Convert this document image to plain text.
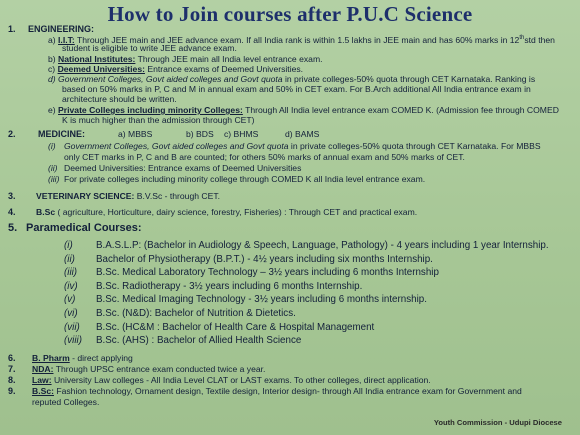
How to Join courses after P.U.C Science
1. ENGINEERING:
a) I.I.T: Through JEE main and JEE advance exam. If all India rank is within 1.5 lakhs in JEE main and has 60% marks in 12thstd then
student is eligible to write JEE advance exam.
b) National Institutes: Through JEE main all India level entrance exam.
c) Deemed Universities: Entrance exams of Deemed Universities.
d) Government Colleges, Govt aided colleges and Govt quota in private colleges-50% quota through CET Karnataka. Ranking is
based on 50% marks in P, C and M in annual exam and 50% in CET exam. For B.Arch additional All India entrance exam in
architecture should be written.
e) Private Colleges including minority Colleges: Through All India level entrance exam COMED K. (Admission fee through COMED
K is much higher than the admission through CET)
2. MEDICINE:	a) MBBS	b) BDS c) BHMS	d) BAMS
(i) Government Colleges, Govt aided colleges and Govt quota in private colleges-50% quota through CET Karnataka. For MBBS
only CET marks in P, C and B are counted; for others 50% marks of annual exam and 50% marks of CET.
(ii) Deemed Universities: Entrance exams of Deemed Universities
(iii) For private colleges including minority college through COMED K all India level entrance exam.
3. VETERINARY SCIENCE: B.V.Sc - through CET.
4. B.Sc ( agriculture, Horticulture, dairy science, forestry, Fisheries) : Through CET and practical exam.
5. Paramedical Courses:
(i) B.A.S.L.P: (Bachelor in Audiology & Speech, Language, Pathology) - 4 years including 1 year Internship.
(ii) Bachelor of Physiotherapy (B.P.T.) - 4½ years including six months Internship.
(iii) B.Sc. Medical Laboratory Technology – 3½ years including 6 months Internship
(iv) B.Sc. Radiotherapy - 3½ years including 6 months Internship.
(v) B.Sc. Medical Imaging Technology - 3½ years including 6 months internship.
(vi) B.Sc. (N&D): Bachelor of Nutrition & Dietetics.
(vii) B.Sc. (HC&M : Bachelor of Health Care & Hospital Management
(viii) B.Sc. (AHS) : Bachelor of Allied Health Science
6. B. Pharm - direct applying
7. NDA: Through UPSC entrance exam conducted twice a year.
8. Law: University Law colleges - All India Level CLAT or LAST exams. To other colleges, direct application.
9. B.Sc: Fashion technology, Ornament design, Textile design, Interior design- through All India entrance exam for Government and
reputed Colleges.
Youth Commission - Udupi Diocese
